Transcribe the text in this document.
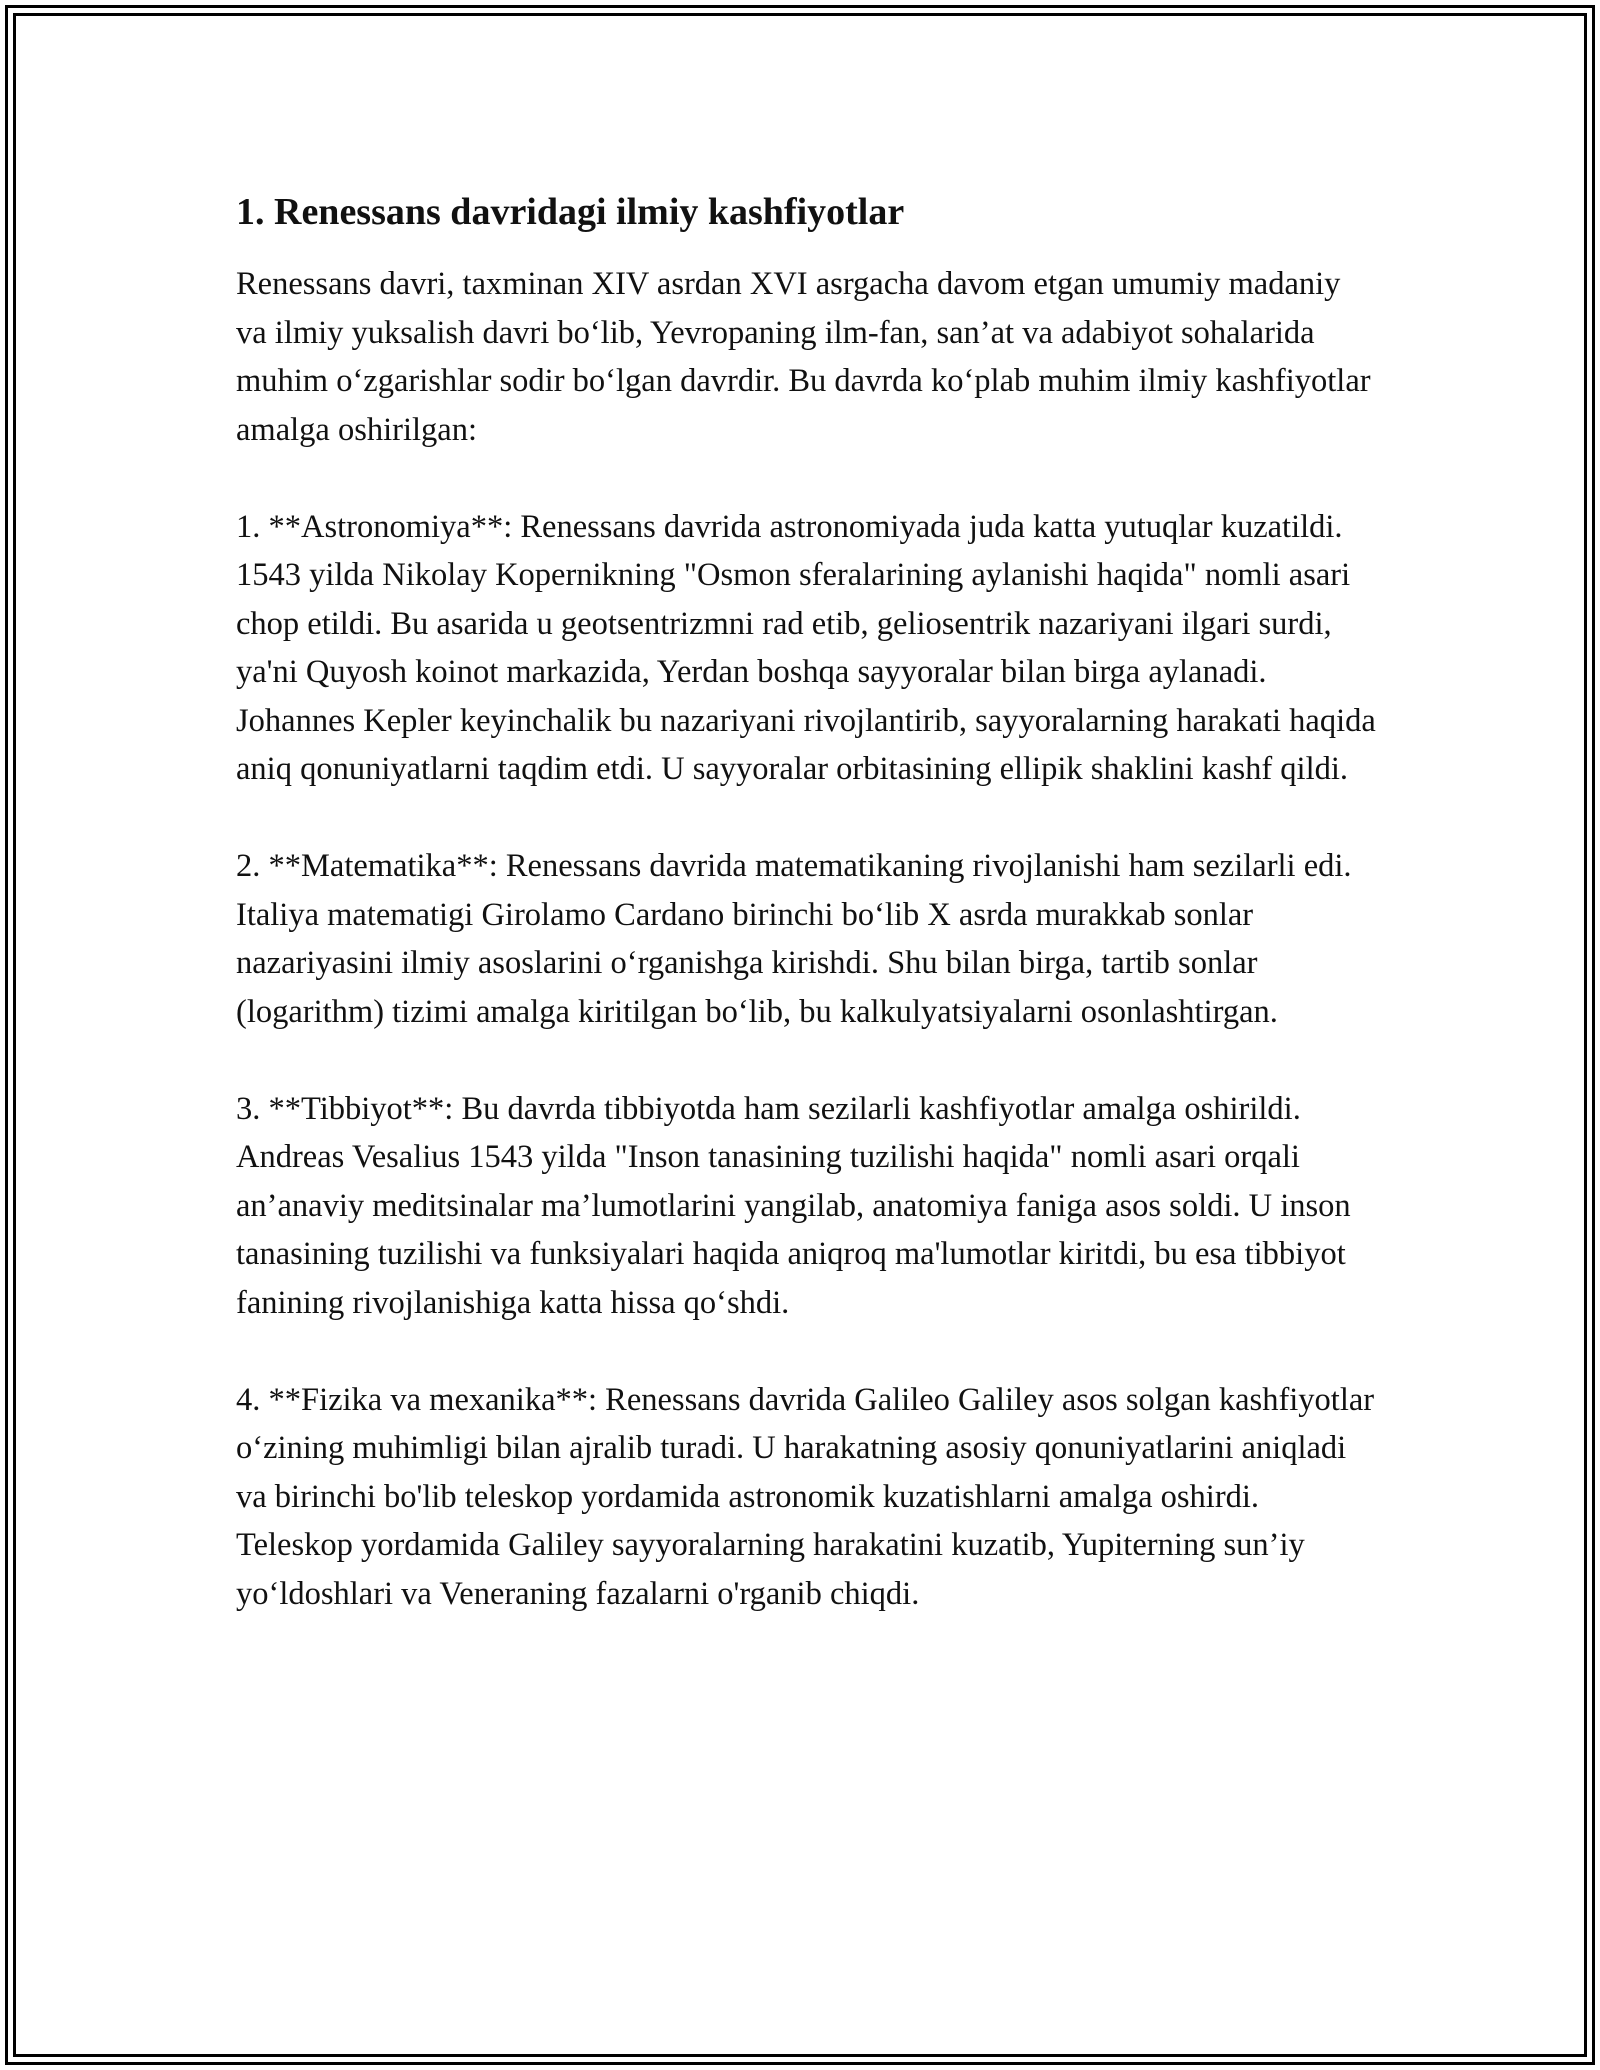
1. Renessans davridagi ilmiy kashfiyotlar

Renessans davri, taxminan XIV asrdan XVI asrgacha davom etgan umumiy madaniy va ilmiy yuksalish davri bo‘lib, Yevropaning ilm-fan, san’at va adabiyot sohalarida muhim o‘zgarishlar sodir bo‘lgan davrdir. Bu davrda ko‘plab muhim ilmiy kashfiyotlar amalga oshirilgan:

1. **Astronomiya**: Renessans davrida astronomiyada juda katta yutuqlar kuzatildi. 1543 yilda Nikolay Kopernikning "Osmon sferalarining aylanishi haqida" nomli asari chop etildi. Bu asarida u geotsentrizmni rad etib, geliosentrik nazariyani ilgari surdi, ya'ni Quyosh koinot markazida, Yerdan boshqa sayyoralar bilan birga aylanadi. Johannes Kepler keyinchalik bu nazariyani rivojlantirib, sayyoralarning harakati haqida aniq qonuniyatlarni taqdim etdi. U sayyoralar orbitasining ellipik shaklini kashf qildi.

2. **Matematika**: Renessans davrida matematikaning rivojlanishi ham sezilarli edi. Italiya matematigi Girolamo Cardano birinchi bo‘lib X asrda murakkab sonlar nazariyasini ilmiy asoslarini o‘rganishga kirishdi. Shu bilan birga, tartib sonlar (logarithm) tizimi amalga kiritilgan bo‘lib, bu kalkulyatsiyalarni osonlashtirgan.

3. **Tibbiyot**: Bu davrda tibbiyotda ham sezilarli kashfiyotlar amalga oshirildi. Andreas Vesalius 1543 yilda "Inson tanasining tuzilishi haqida" nomli asari orqali an’anaviy meditsinalar ma’lumotlarini yangilab, anatomiya faniga asos soldi. U inson tanasining tuzilishi va funksiyalari haqida aniqroq ma'lumotlar kiritdi, bu esa tibbiyot fanining rivojlanishiga katta hissa qo‘shdi.

4. **Fizika va mexanika**: Renessans davrida Galileo Galiley asos solgan kashfiyotlar o‘zining muhimligi bilan ajralib turadi. U harakatning asosiy qonuniyatlarini aniqladi va birinchi bo'lib teleskop yordamida astronomik kuzatishlarni amalga oshirdi. Teleskop yordamida Galiley sayyoralarning harakatini kuzatib, Yupiterning sun’iy yo‘ldoshlari va Veneraning fazalarni o'rganib chiqdi.
